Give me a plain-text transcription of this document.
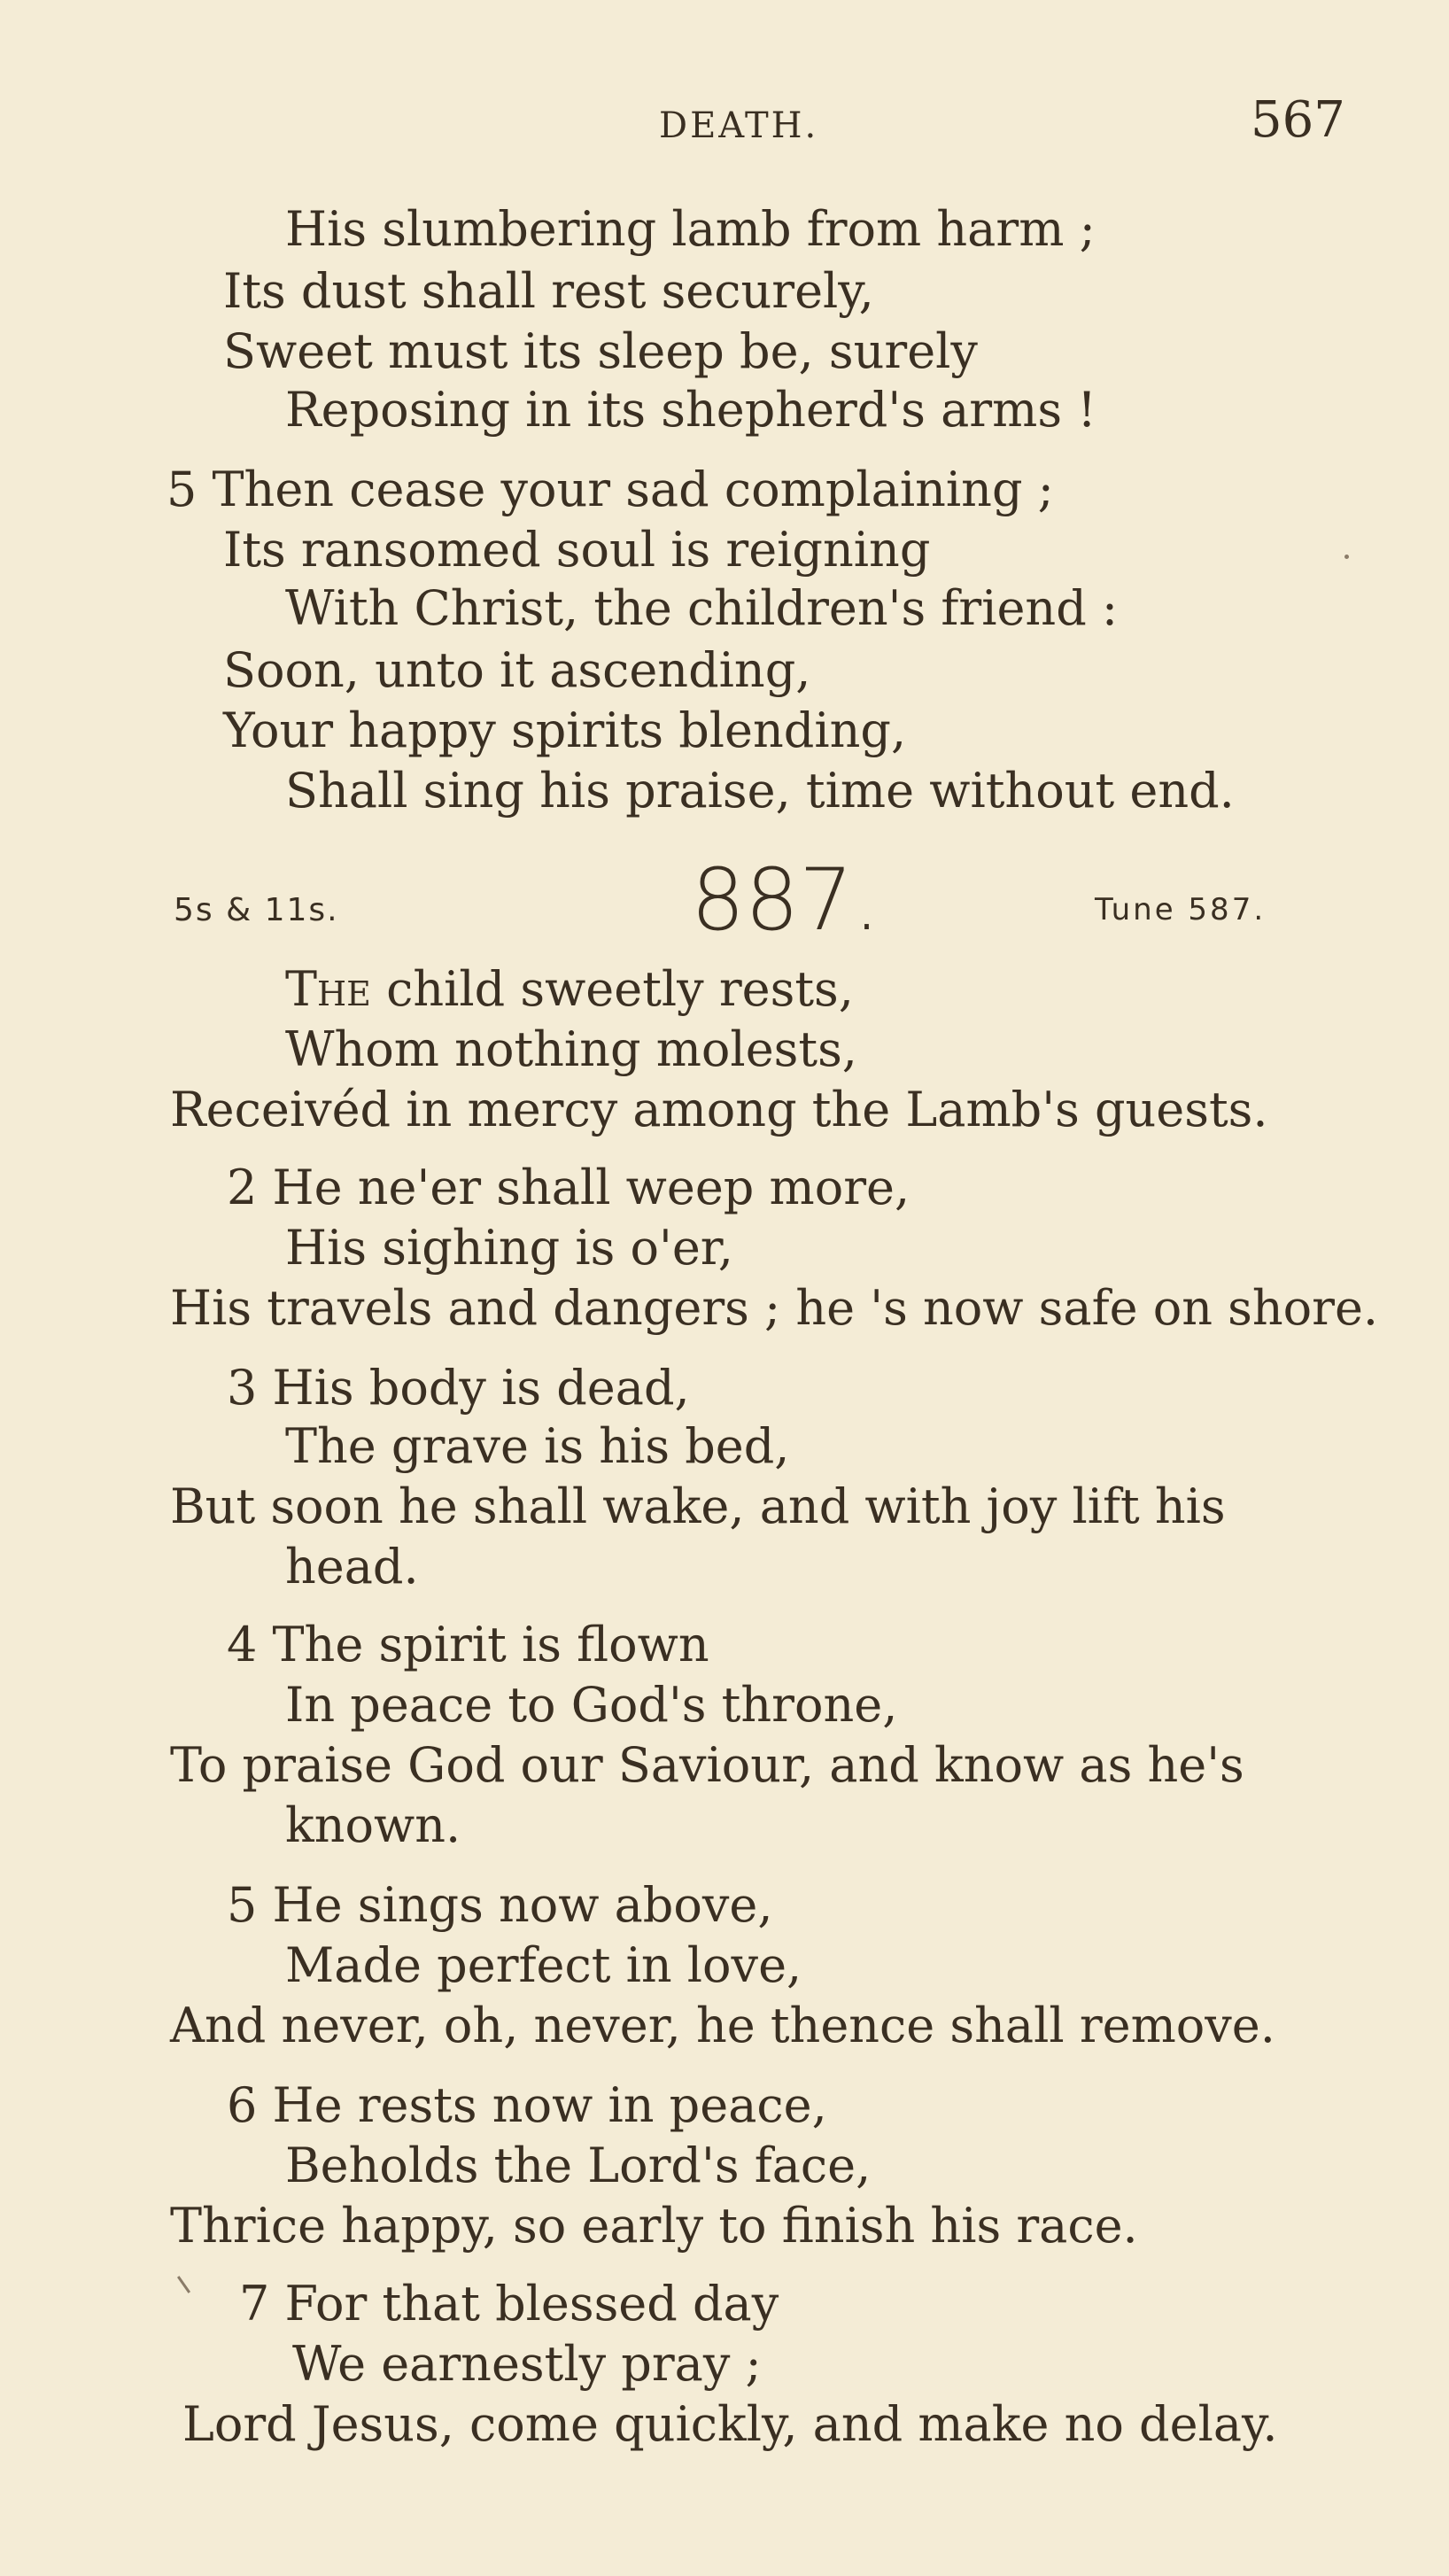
DEATH.	567
His slumbering lamb from harm ;
Its dust shall rest securely,
Sweet must its sleep be, surely
Reposing in its shepherd's arms !
5 Then cease your sad complaining ;
Its ransomed soul is reigning
With Christ, the children's friend :
Soon, unto it ascending,
Your happy spirits blending,
Shall sing his praise, time without end.
5s & 11s.	887.	Tune 587.
The child sweetly rests,
Whom nothing molests,
Receivéd in mercy among the Lamb's guests.
2 He ne'er shall weep more,
His sighing is o'er,
His travels and dangers ; he 's now safe on shore.
3 His body is dead,
The grave is his bed,
But soon he shall wake, and with joy lift his
head.
4 The spirit is flown
In peace to God's throne,
To praise God our Saviour, and know as he's
known.
5 He sings now above,
Made perfect in love,
And never, oh, never, he thence shall remove.
6 He rests now in peace,
Beholds the Lord's face,
Thrice happy, so early to finish his race.
7 For that blessed day
We earnestly pray ;
Lord Jesus, come quickly, and make no delay.
